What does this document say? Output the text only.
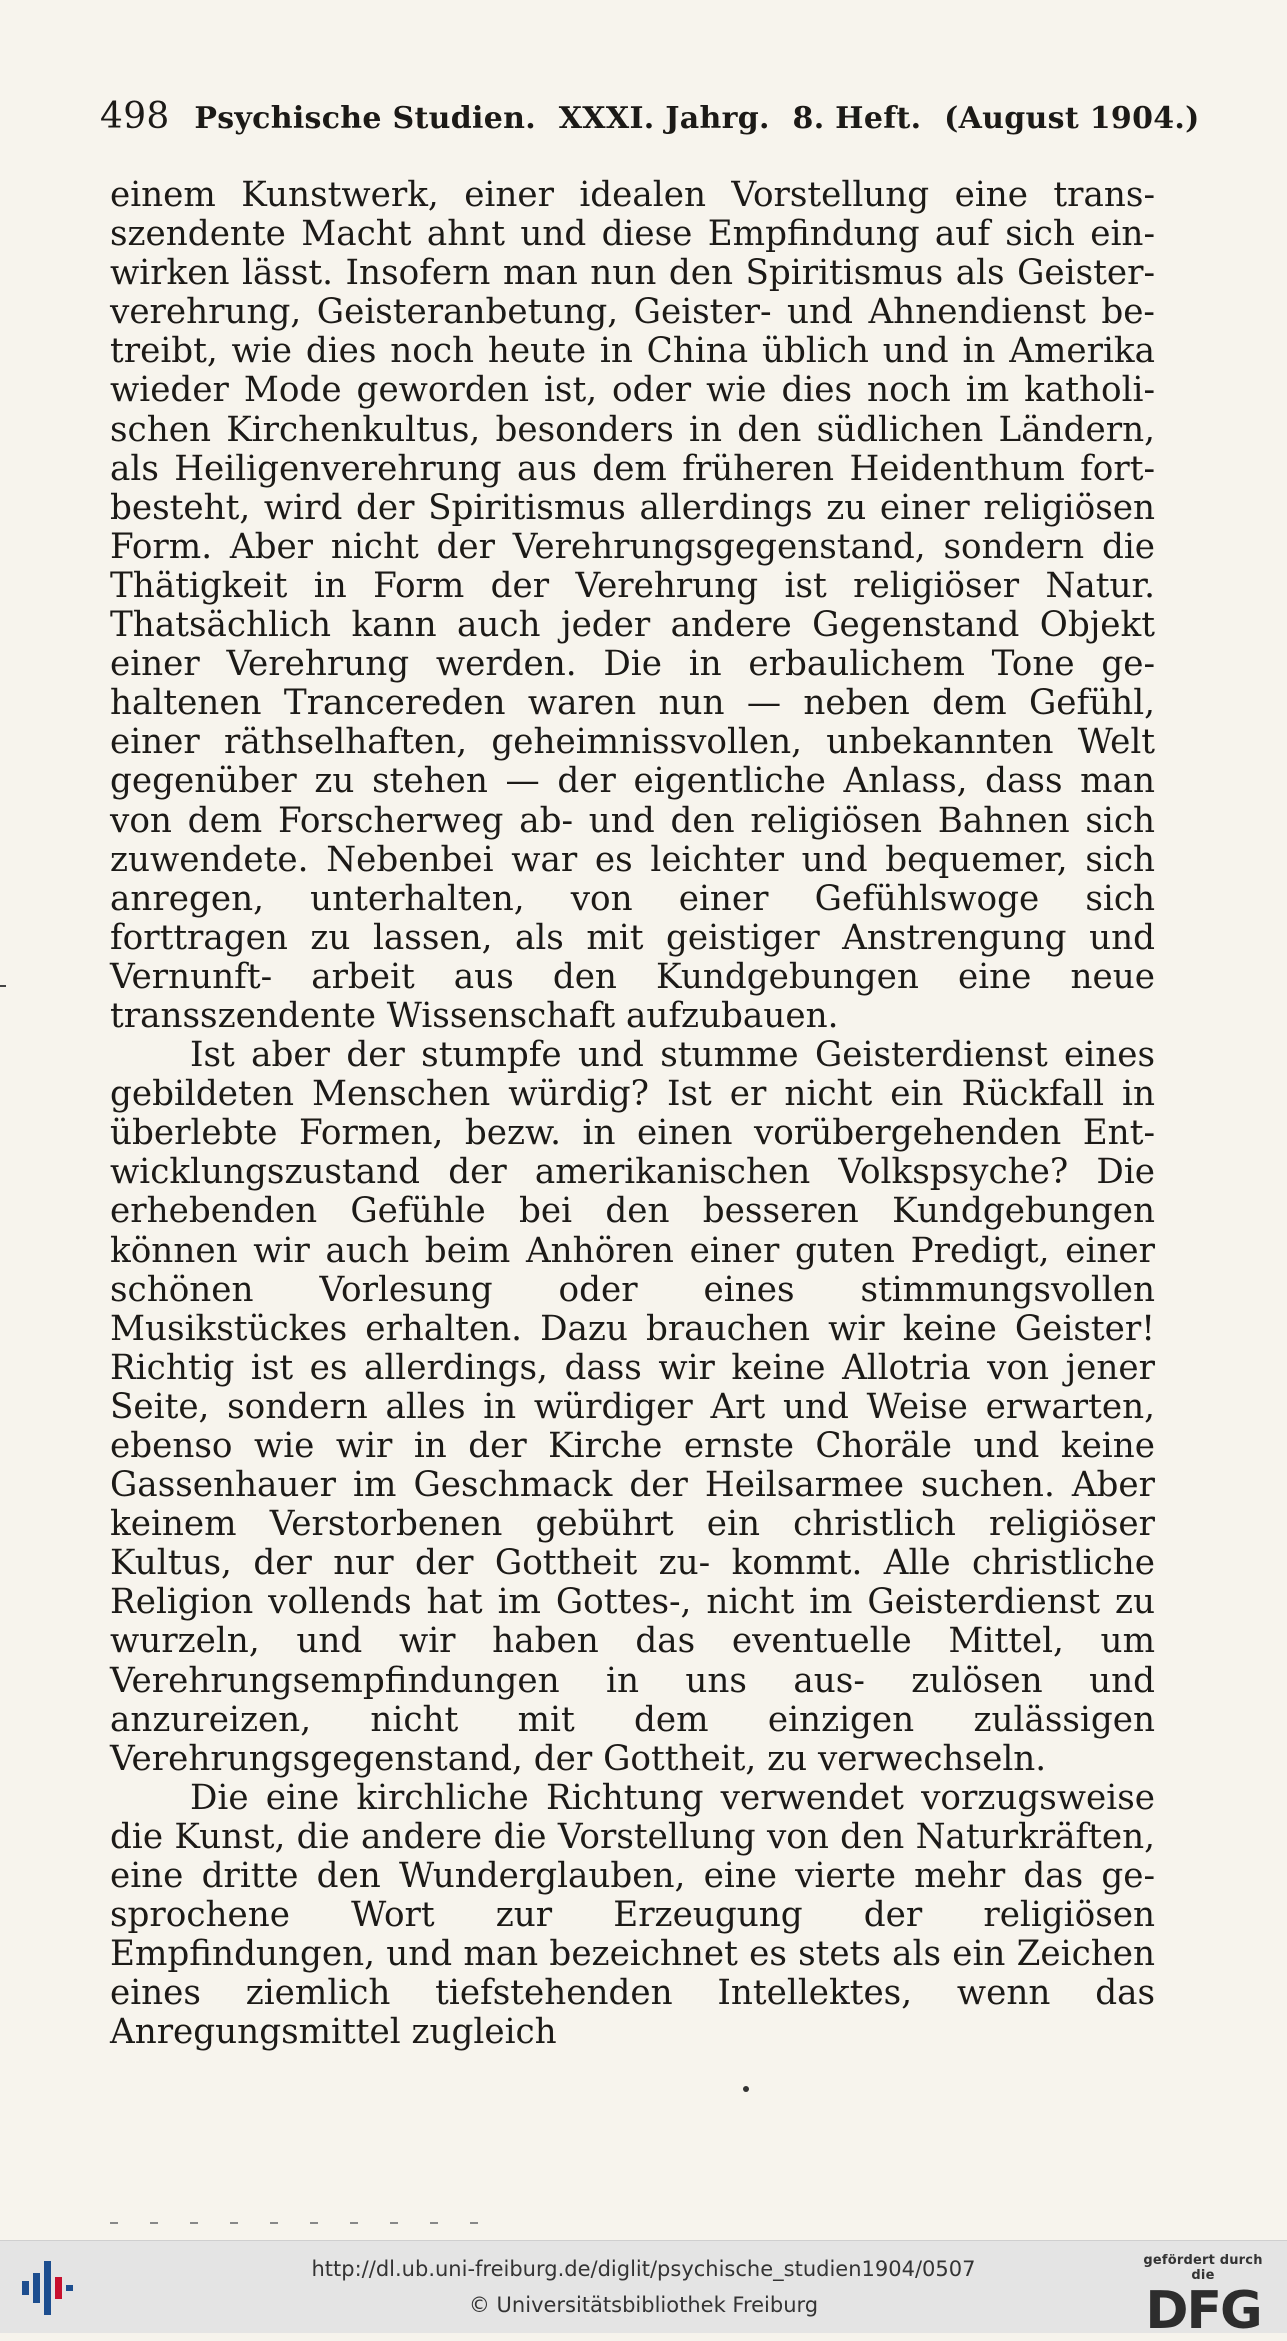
498 Psychische Studien. XXXI. Jahrg. 8. Heft. (August 1904.)

einem Kunstwerk, einer idealen Vorstellung eine trans- szendente Macht ahnt und diese Empfindung auf sich ein- wirken lässt. Insofern man nun den Spiritismus als Geister- verehrung, Geisteranbetung, Geister- und Ahnendienst be- treibt, wie dies noch heute in China üblich und in Amerika wieder Mode geworden ist, oder wie dies noch im katholi- schen Kirchenkultus, besonders in den südlichen Ländern, als Heiligenverehrung aus dem früheren Heidenthum fort- besteht, wird der Spiritismus allerdings zu einer religiösen Form. Aber nicht der Verehrungsgegenstand, sondern die Thätigkeit in Form der Verehrung ist religiöser Natur. Thatsächlich kann auch jeder andere Gegenstand Objekt einer Verehrung werden. Die in erbaulichem Tone ge- haltenen Trancereden waren nun — neben dem Gefühl, einer räthselhaften, geheimnissvollen, unbekannten Welt gegenüber zu stehen — der eigentliche Anlass, dass man von dem Forscherweg ab- und den religiösen Bahnen sich zuwendete. Nebenbei war es leichter und bequemer, sich anregen, unterhalten, von einer Gefühlswoge sich forttragen zu lassen, als mit geistiger Anstrengung und Vernunft- arbeit aus den Kundgebungen eine neue transszendente Wissenschaft aufzubauen.

Ist aber der stumpfe und stumme Geisterdienst eines gebildeten Menschen würdig? Ist er nicht ein Rückfall in überlebte Formen, bezw. in einen vorübergehenden Ent- wicklungszustand der amerikanischen Volkspsyche? Die erhebenden Gefühle bei den besseren Kundgebungen können wir auch beim Anhören einer guten Predigt, einer schönen Vorlesung oder eines stimmungsvollen Musikstückes erhalten. Dazu brauchen wir keine Geister! Richtig ist es allerdings, dass wir keine Allotria von jener Seite, sondern alles in würdiger Art und Weise erwarten, ebenso wie wir in der Kirche ernste Choräle und keine Gassenhauer im Geschmack der Heilsarmee suchen. Aber keinem Verstorbenen gebührt ein christlich religiöser Kultus, der nur der Gottheit zu- kommt. Alle christliche Religion vollends hat im Gottes-, nicht im Geisterdienst zu wurzeln, und wir haben das eventuelle Mittel, um Verehrungsempfindungen in uns aus- zulösen und anzureizen, nicht mit dem einzigen zulässigen Verehrungsgegenstand, der Gottheit, zu verwechseln.

Die eine kirchliche Richtung verwendet vorzugsweise die Kunst, die andere die Vorstellung von den Naturkräften, eine dritte den Wunderglauben, eine vierte mehr das ge- sprochene Wort zur Erzeugung der religiösen Empfindungen, und man bezeichnet es stets als ein Zeichen eines ziemlich tiefstehenden Intellektes, wenn das Anregungsmittel zugleich

http://dl.ub.uni-freiburg.de/diglit/psychische_studien1904/0507
© Universitätsbibliothek Freiburg
gefördert durch die
DFG
